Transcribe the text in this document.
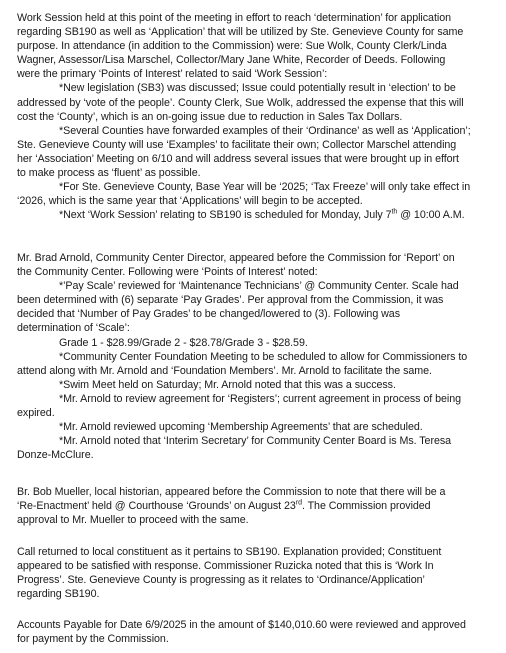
Work Session held at this point of the meeting in effort to reach ‘determination’ for application
regarding SB190 as well as ‘Application’ that will be utilized by Ste. Genevieve County for same
purpose. In attendance (in addition to the Commission) were: Sue Wolk, County Clerk/Linda
Wagner, Assessor/Lisa Marschel, Collector/Mary Jane White, Recorder of Deeds. Following
were the primary ‘Points of Interest’ related to said ‘Work Session’:
*New legislation (SB3) was discussed; Issue could potentially result in ‘election’ to be
addressed by ‘vote of the people’. County Clerk, Sue Wolk, addressed the expense that this will
cost the ‘County’, which is an on-going issue due to reduction in Sales Tax Dollars.
*Several Counties have forwarded examples of their ‘Ordinance’ as well as ‘Application’;
Ste. Genevieve County will use ‘Examples’ to facilitate their own; Collector Marschel attending
her ‘Association’ Meeting on 6/10 and will address several issues that were brought up in effort
to make process as ‘fluent’ as possible.
*For Ste. Genevieve County, Base Year will be ‘2025; ‘Tax Freeze’ will only take effect in
‘2026, which is the same year that ‘Applications’ will begin to be accepted.
*Next ‘Work Session’ relating to SB190 is scheduled for Monday, July 7th @ 10:00 A.M.
Mr. Brad Arnold, Community Center Director, appeared before the Commission for ‘Report’ on
the Community Center. Following were ‘Points of Interest’ noted:
*’Pay Scale’ reviewed for ‘Maintenance Technicians’ @ Community Center. Scale had
been determined with (6) separate ‘Pay Grades’. Per approval from the Commission, it was
decided that ‘Number of Pay Grades’ to be changed/lowered to (3). Following was
determination of ‘Scale’:
Grade 1 - $28.99/Grade 2 - $28.78/Grade 3 - $28.59.
*Community Center Foundation Meeting to be scheduled to allow for Commissioners to
attend along with Mr. Arnold and ‘Foundation Members’. Mr. Arnold to facilitate the same.
*Swim Meet held on Saturday; Mr. Arnold noted that this was a success.
*Mr. Arnold to review agreement for ‘Registers’; current agreement in process of being
expired.
*Mr. Arnold reviewed upcoming ‘Membership Agreements’ that are scheduled.
*Mr. Arnold noted that ‘Interim Secretary’ for Community Center Board is Ms. Teresa
Donze-McClure.
Br. Bob Mueller, local historian, appeared before the Commission to note that there will be a
‘Re-Enactment’ held @ Courthouse ‘Grounds’ on August 23rd. The Commission provided
approval to Mr. Mueller to proceed with the same.
Call returned to local constituent as it pertains to SB190. Explanation provided; Constituent
appeared to be satisfied with response. Commissioner Ruzicka noted that this is ‘Work In
Progress’. Ste. Genevieve County is progressing as it relates to ‘Ordinance/Application’
regarding SB190.
Accounts Payable for Date 6/9/2025 in the amount of $140,010.60 were reviewed and approved
for payment by the Commission.
